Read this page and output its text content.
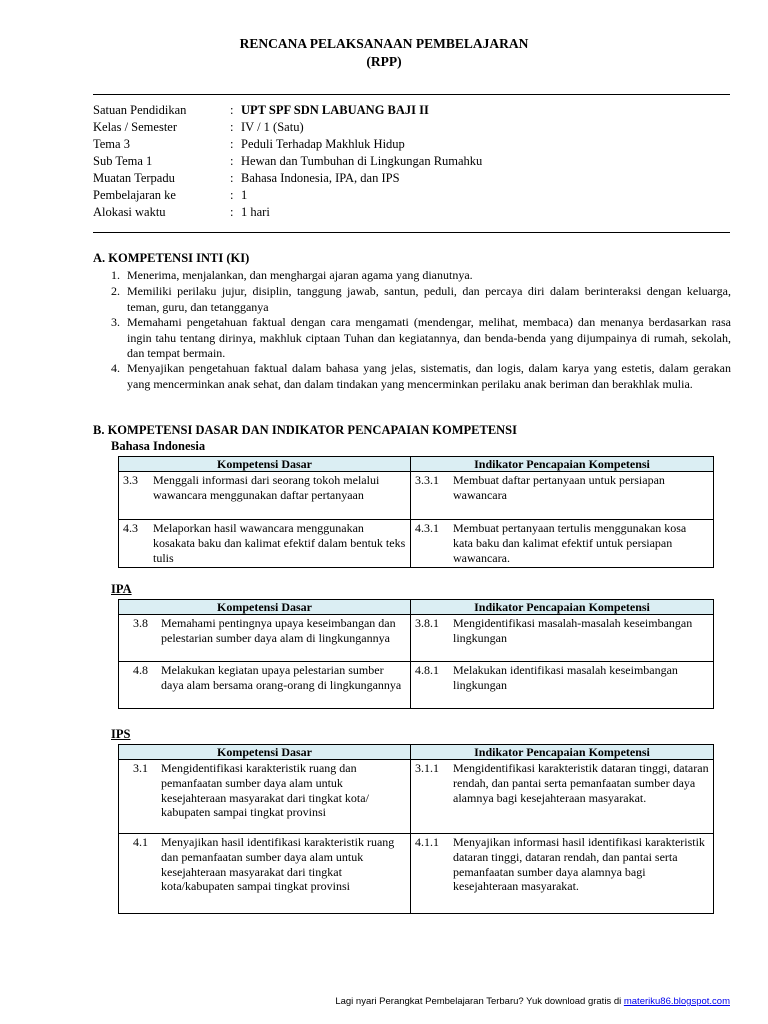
RENCANA PELAKSANAAN PEMBELAJARAN
(RPP)
Satuan Pendidikan	: UPT SPF SDN LABUANG BAJI II
Kelas / Semester	: IV / 1 (Satu)
Tema 3	: Peduli Terhadap Makhluk Hidup
Sub Tema 1	: Hewan dan Tumbuhan di Lingkungan Rumahku
Muatan Terpadu	: Bahasa Indonesia, IPA, dan IPS
Pembelajaran ke	: 1
Alokasi waktu	: 1 hari
A. KOMPETENSI INTI (KI)
1. Menerima, menjalankan, dan menghargai ajaran agama yang dianutnya.
2. Memiliki perilaku jujur, disiplin, tanggung jawab, santun, peduli, dan percaya diri dalam berinteraksi dengan keluarga, teman, guru, dan tetangganya
3. Memahami pengetahuan faktual dengan cara mengamati (mendengar, melihat, membaca) dan menanya berdasarkan rasa ingin tahu tentang dirinya, makhluk ciptaan Tuhan dan kegiatannya, dan benda-benda yang dijumpainya di rumah, sekolah, dan tempat bermain.
4. Menyajikan pengetahuan faktual dalam bahasa yang jelas, sistematis, dan logis, dalam karya yang estetis, dalam gerakan yang mencerminkan anak sehat, dan dalam tindakan yang mencerminkan perilaku anak beriman dan berakhlak mulia.
B. KOMPETENSI DASAR DAN INDIKATOR PENCAPAIAN KOMPETENSI
Bahasa Indonesia
Kompetensi Dasar	Indikator Pencapaian Kompetensi

3.3 Menggali informasi dari seorang tokoh melalui wawancara menggunakan daftar pertanyaan	3.3.1 Membuat daftar pertanyaan untuk persiapan wawancara

4.3 Melaporkan hasil wawancara menggunakan kosakata baku dan kalimat efektif dalam bentuk teks tulis	4.3.1 Membuat pertanyaan tertulis menggunakan kosa kata baku dan kalimat efektif untuk persiapan wawancara.
IPA
Kompetensi Dasar	Indikator Pencapaian Kompetensi

3.8 Memahami pentingnya upaya keseimbangan dan pelestarian sumber daya alam di lingkungannya	3.8.1 Mengidentifikasi masalah-masalah keseimbangan lingkungan

4.8 Melakukan kegiatan upaya pelestarian sumber daya alam bersama orang-orang di lingkungannya	4.8.1 Melakukan identifikasi masalah keseimbangan lingkungan
IPS
Kompetensi Dasar	Indikator Pencapaian Kompetensi

3.1 Mengidentifikasi karakteristik ruang dan pemanfaatan sumber daya alam untuk kesejahteraan masyarakat dari tingkat kota/ kabupaten sampai tingkat provinsi	3.1.1 Mengidentifikasi karakteristik dataran tinggi, dataran rendah, dan pantai serta pemanfaatan sumber daya alamnya bagi kesejahteraan masyarakat.

4.1 Menyajikan hasil identifikasi karakteristik ruang dan pemanfaatan sumber daya alam untuk kesejahteraan masyarakat dari tingkat kota/kabupaten sampai tingkat provinsi	4.1.1 Menyajikan informasi hasil identifikasi karakteristik dataran tinggi, dataran rendah, dan pantai serta pemanfaatan sumber daya alamnya bagi kesejahteraan masyarakat.
Lagi nyari Perangkat Pembelajaran Terbaru? Yuk download gratis di materiku86.blogspot.com
